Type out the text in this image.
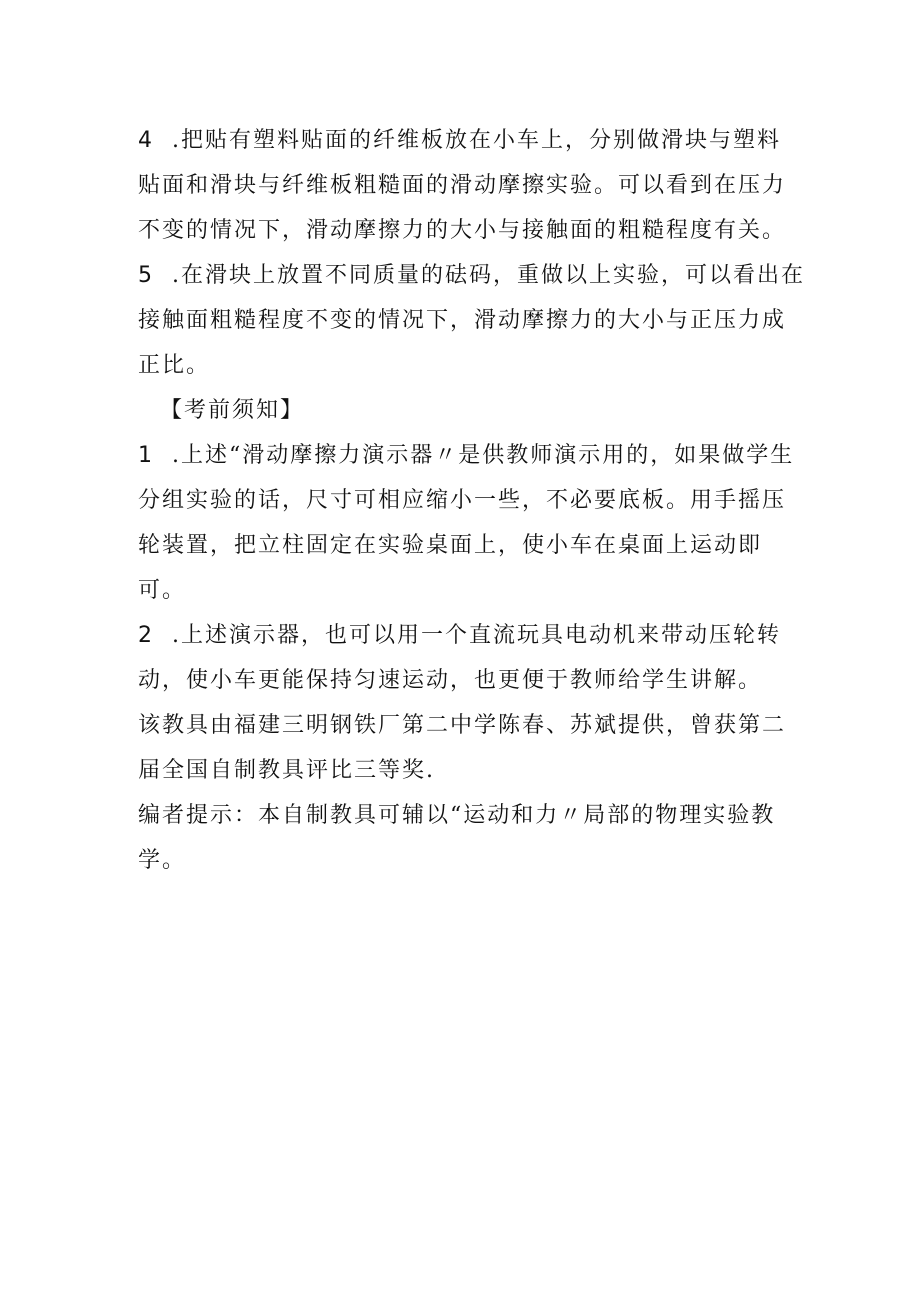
4 .把贴有塑料贴面的纤维板放在小车上，分别做滑块与塑料
贴面和滑块与纤维板粗糙面的滑动摩擦实验。可以看到在压力
不变的情况下，滑动摩擦力的大小与接触面的粗糙程度有关。
5 .在滑块上放置不同质量的砝码，重做以上实验，可以看出在
接触面粗糙程度不变的情况下，滑动摩擦力的大小与正压力成
正比。
【考前须知】
1 .上述“滑动摩擦力演示器〃是供教师演示用的，如果做学生
分组实验的话，尺寸可相应缩小一些，不必要底板。用手摇压
轮装置，把立柱固定在实验桌面上，使小车在桌面上运动即
可。
2 .上述演示器，也可以用一个直流玩具电动机来带动压轮转
动，使小车更能保持匀速运动，也更便于教师给学生讲解。
该教具由福建三明钢铁厂第二中学陈春、苏斌提供，曾获第二
届全国自制教具评比三等奖.
编者提示：本自制教具可辅以“运动和力〃局部的物理实验教
学。
